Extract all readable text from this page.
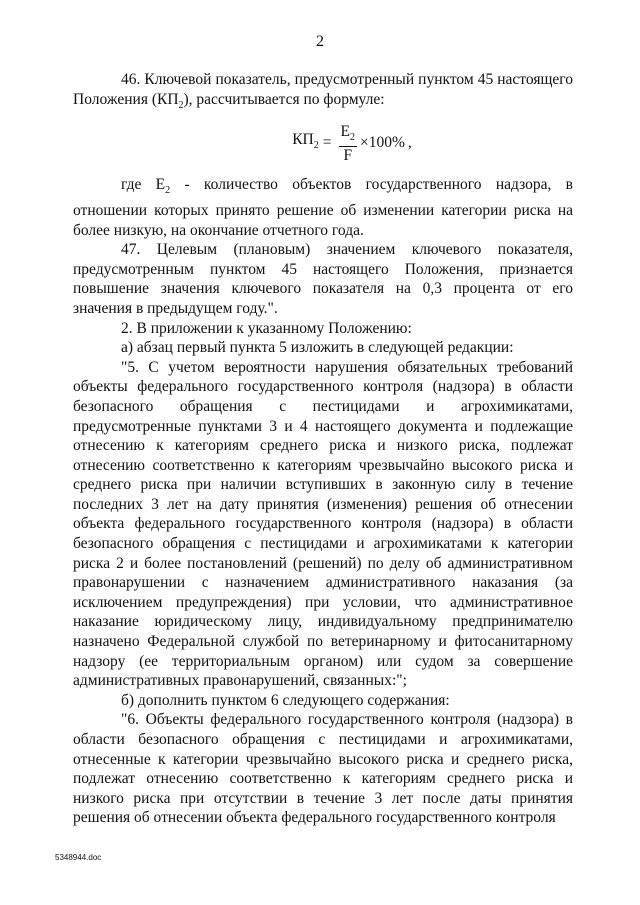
2

46. Ключевой показатель, предусмотренный пунктом 45 настоящего Положения $(КП_2)$, рассчитывается по формуле:

$КП_2 = \frac{Е_2}{F} \times 100\%$ ,

где $Е_2$ - количество объектов государственного надзора, в отношении которых принято решение об изменении категории риска на более низкую, на окончание отчетного года.

47. Целевым (плановым) значением ключевого показателя, предусмотренным пунктом 45 настоящего Положения, признается повышение значения ключевого показателя на 0,3 процента от его значения в предыдущем году.".

2. В приложении к указанному Положению:

а) абзац первый пункта 5 изложить в следующей редакции:

"5. С учетом вероятности нарушения обязательных требований объекты федерального государственного контроля (надзора) в области безопасного обращения с пестицидами и агрохимикатами, предусмотренные пунктами 3 и 4 настоящего документа и подлежащие отнесению к категориям среднего риска и низкого риска, подлежат отнесению соответственно к категориям чрезвычайно высокого риска и среднего риска при наличии вступивших в законную силу в течение последних 3 лет на дату принятия (изменения) решения об отнесении объекта федерального государственного контроля (надзора) в области безопасного обращения с пестицидами и агрохимикатами к категории риска 2 и более постановлений (решений) по делу об административном правонарушении с назначением административного наказания (за исключением предупреждения) при условии, что административное наказание юридическому лицу, индивидуальному предпринимателю назначено Федеральной службой по ветеринарному и фитосанитарному надзору (ее территориальным органом) или судом за совершение административных правонарушений, связанных:";

б) дополнить пунктом 6 следующего содержания:

"6. Объекты федерального государственного контроля (надзора) в области безопасного обращения с пестицидами и агрохимикатами, отнесенные к категории чрезвычайно высокого риска и среднего риска, подлежат отнесению соответственно к категориям среднего риска и низкого риска при отсутствии в течение 3 лет после даты принятия решения об отнесении объекта федерального государственного контроля

5348944.doc
